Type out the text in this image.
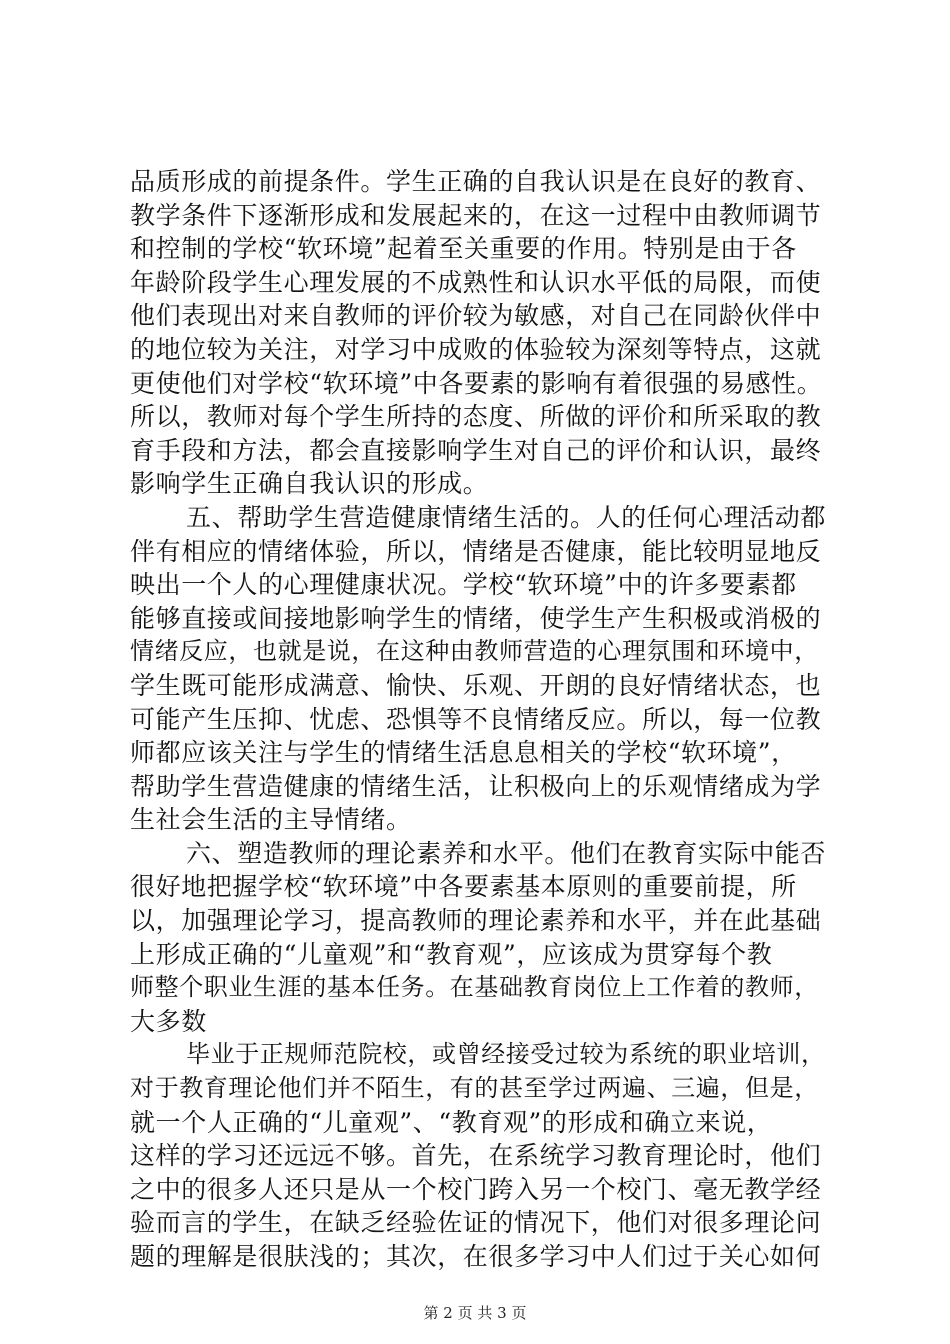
品质形成的前提条件。学生正确的自我认识是在良好的教育、
教学条件下逐渐形成和发展起来的，在这一过程中由教师调节
和控制的学校“软环境”起着至关重要的作用。特别是由于各
年龄阶段学生心理发展的不成熟性和认识水平低的局限，而使
他们表现出对来自教师的评价较为敏感，对自己在同龄伙伴中
的地位较为关注，对学习中成败的体验较为深刻等特点，这就
更使他们对学校“软环境”中各要素的影响有着很强的易感性。
所以，教师对每个学生所持的态度、所做的评价和所采取的教
育手段和方法，都会直接影响学生对自己的评价和认识，最终
影响学生正确自我认识的形成。
五、帮助学生营造健康情绪生活的。人的任何心理活动都
伴有相应的情绪体验，所以，情绪是否健康，能比较明显地反
映出一个人的心理健康状况。学校“软环境”中的许多要素都
能够直接或间接地影响学生的情绪，使学生产生积极或消极的
情绪反应，也就是说，在这种由教师营造的心理氛围和环境中，
学生既可能形成满意、愉快、乐观、开朗的良好情绪状态，也
可能产生压抑、忧虑、恐惧等不良情绪反应。所以，每一位教
师都应该关注与学生的情绪生活息息相关的学校“软环境”，
帮助学生营造健康的情绪生活，让积极向上的乐观情绪成为学
生社会生活的主导情绪。
六、塑造教师的理论素养和水平。他们在教育实际中能否
很好地把握学校“软环境”中各要素基本原则的重要前提，所
以，加强理论学习，提高教师的理论素养和水平，并在此基础
上形成正确的“儿童观”和“教育观”，应该成为贯穿每个教
师整个职业生涯的基本任务。在基础教育岗位上工作着的教师，
大多数
毕业于正规师范院校，或曾经接受过较为系统的职业培训，
对于教育理论他们并不陌生，有的甚至学过两遍、三遍，但是，
就一个人正确的“儿童观”、“教育观”的形成和确立来说，
这样的学习还远远不够。首先，在系统学习教育理论时，他们
之中的很多人还只是从一个校门跨入另一个校门、毫无教学经
验而言的学生，在缺乏经验佐证的情况下，他们对很多理论问
题的理解是很肤浅的；其次，在很多学习中人们过于关心如何
第 2 页 共 3 页
